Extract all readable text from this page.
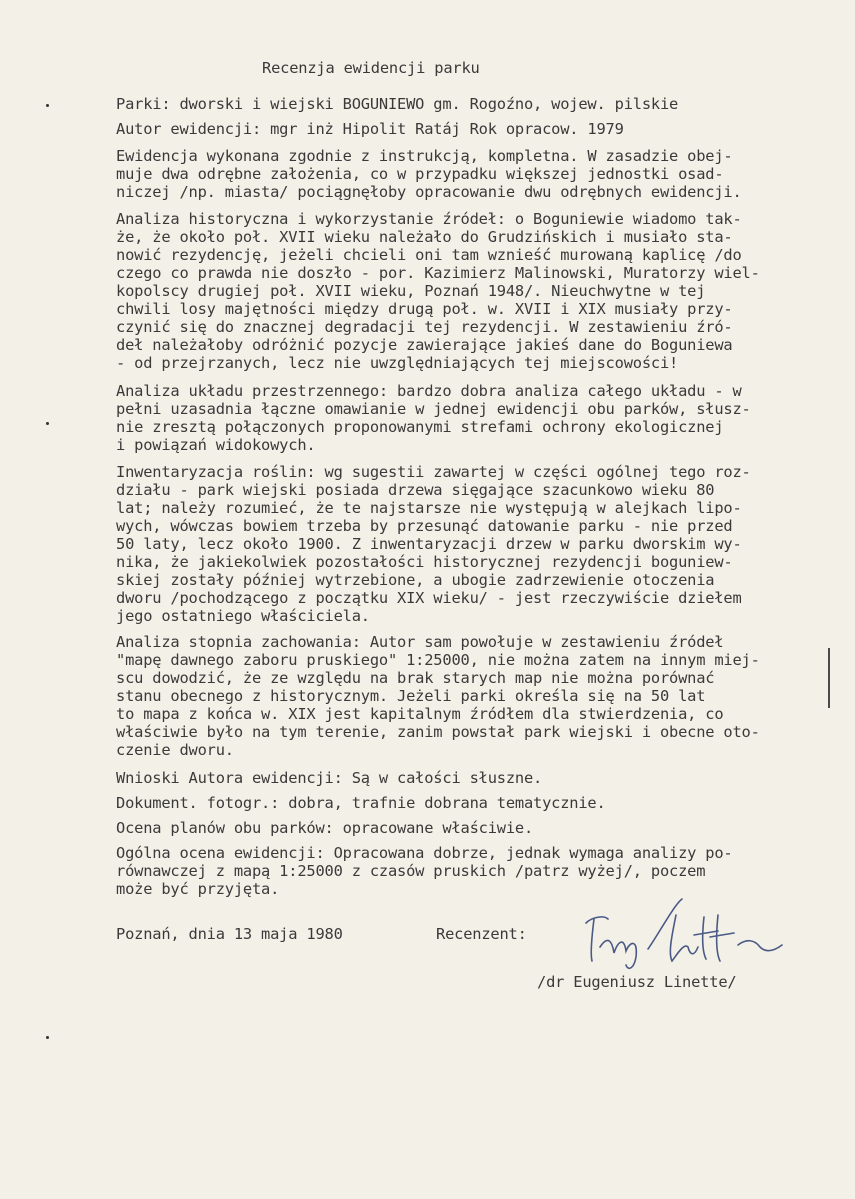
Recenzja ewidencji parku
Parki: dworski i wiejski BOGUNIEWO gm. Rogoźno, wojew. pilskie
Autor ewidencji: mgr inż Hipolit Ratáj Rok opracow. 1979
Ewidencja wykonana zgodnie z instrukcją, kompletna. W zasadzie obej-
muje dwa odrębne założenia, co w przypadku większej jednostki osad-
niczej /np. miasta/ pociągnęłoby opracowanie dwu odrębnych ewidencji.
Analiza historyczna i wykorzystanie źródeł: o Boguniewie wiadomo tak-
że, że około poł. XVII wieku należało do Grudzińskich i musiało sta-
nowić rezydencję, jeżeli chcieli oni tam wznieść murowaną kaplicę /do
czego co prawda nie doszło - por. Kazimierz Malinowski, Muratorzy wiel-
kopolscy drugiej poł. XVII wieku, Poznań 1948/. Nieuchwytne w tej
chwili losy majętności między drugą poł. w. XVII i XIX musiały przy-
czynić się do znacznej degradacji tej rezydencji. W zestawieniu źró-
deł należałoby odróżnić pozycje zawierające jakieś dane do Boguniewa
- od przejrzanych, lecz nie uwzględniających tej miejscowości!
Analiza układu przestrzennego: bardzo dobra analiza całego układu - w
pełni uzasadnia łączne omawianie w jednej ewidencji obu parków, słusz-
nie zresztą połączonych proponowanymi strefami ochrony ekologicznej
i powiązań widokowych.
Inwentaryzacja roślin: wg sugestii zawartej w części ogólnej tego roz-
działu - park wiejski posiada drzewa sięgające szacunkowo wieku 80
lat; należy rozumieć, że te najstarsze nie występują w alejkach lipo-
wych, wówczas bowiem trzeba by przesunąć datowanie parku - nie przed
50 laty, lecz około 1900. Z inwentaryzacji drzew w parku dworskim wy-
nika, że jakiekolwiek pozostałości historycznej rezydencji boguniew-
skiej zostały później wytrzebione, a ubogie zadrzewienie otoczenia
dworu /pochodzącego z początku XIX wieku/ - jest rzeczywiście dziełem
jego ostatniego właściciela.
Analiza stopnia zachowania: Autor sam powołuje w zestawieniu źródeł
"mapę dawnego zaboru pruskiego" 1:25000, nie można zatem na innym miej-
scu dowodzić, że ze względu na brak starych map nie można porównać
stanu obecnego z historycznym. Jeżeli parki określa się na 50 lat
to mapa z końca w. XIX jest kapitalnym źródłem dla stwierdzenia, co
właściwie było na tym terenie, zanim powstał park wiejski i obecne oto-
czenie dworu.
Wnioski Autora ewidencji: Są w całości słuszne.
Dokument. fotogr.: dobra, trafnie dobrana tematycznie.
Ocena planów obu parków: opracowane właściwie.
Ogólna ocena ewidencji: Opracowana dobrze, jednak wymaga analizy po-
równawczej z mapą 1:25000 z czasów pruskich /patrz wyżej/, poczem
może być przyjęta.
Poznań, dnia 13 maja 1980	Recenzent:
/dr Eugeniusz Linette/
